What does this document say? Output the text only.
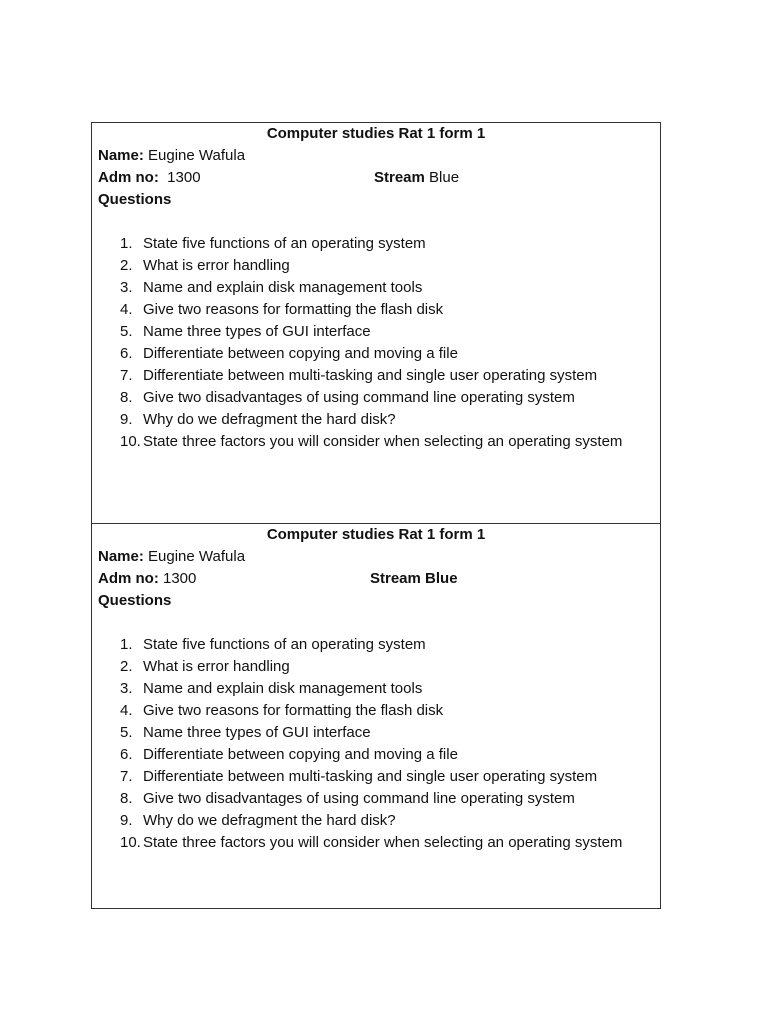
Computer studies Rat 1 form 1
Name: Eugine Wafula
Adm no: 1300	Stream Blue
Questions
1. State five functions of an operating system
2. What is error handling
3. Name and explain disk management tools
4. Give two reasons for formatting the flash disk
5. Name three types of GUI interface
6. Differentiate between copying and moving a file
7. Differentiate between multi-tasking and single user operating system
8. Give two disadvantages of using command line operating system
9. Why do we defragment the hard disk?
10. State three factors you will consider when selecting an operating system
Computer studies Rat 1 form 1
Name: Eugine Wafula
Adm no: 1300	Stream Blue
Questions
1. State five functions of an operating system
2. What is error handling
3. Name and explain disk management tools
4. Give two reasons for formatting the flash disk
5. Name three types of GUI interface
6. Differentiate between copying and moving a file
7. Differentiate between multi-tasking and single user operating system
8. Give two disadvantages of using command line operating system
9. Why do we defragment the hard disk?
10. State three factors you will consider when selecting an operating system
